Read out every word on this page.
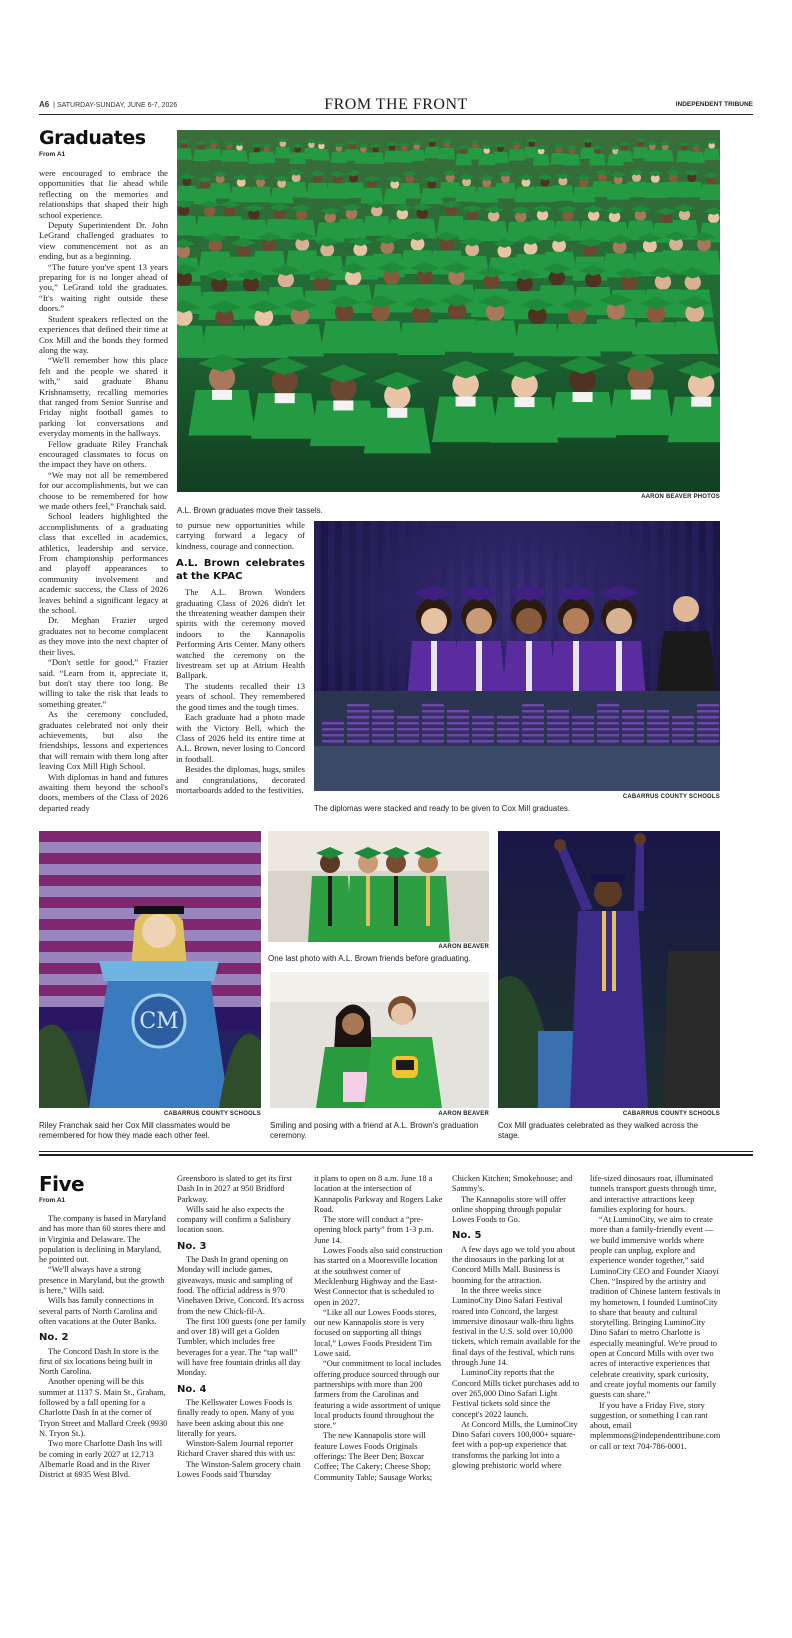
A6 | SATURDAY-SUNDAY, JUNE 6-7, 2026	FROM THE FRONT	INDEPENDENT TRIBUNE
Graduates
From A1

were encouraged to embrace the opportunities that lie ahead while reflecting on the memories and relationships that shaped their high school experience.

Deputy Superintendent Dr. John LeGrand challenged graduates to view commencement not as an ending, but as a beginning.

“The future you've spent 13 years preparing for is no longer ahead of you,” LeGrand told the graduates. “It's waiting right outside these doors.”

Student speakers reflected on the experiences that defined their time at Cox Mill and the bonds they formed along the way.

“We'll remember how this place felt and the people we shared it with,” said graduate Bhanu Krishnamsetty, recalling memories that ranged from Senior Sunrise and Friday night football games to parking lot conversations and everyday moments in the hallways.

Fellow graduate Riley Franchak encouraged classmates to focus on the impact they have on others.

“We may not all be remembered for our accomplishments, but we can choose to be remembered for how we made others feel,” Franchak said.

School leaders highlighted the accomplishments of a graduating class that excelled in academics, athletics, leadership and service. From championship performances and playoff appearances to community involvement and academic success, the Class of 2026 leaves behind a significant legacy at the school.

Dr. Meghan Frazier urged graduates not to become complacent as they move into the next chapter of their lives.

“Don't settle for good,” Frazier said. “Learn from it, appreciate it, but don't stay there too long. Be willing to take the risk that leads to something greater.”

As the ceremony concluded, graduates celebrated not only their achievements, but also the friendships, lessons and experiences that will remain with them long after leaving Cox Mill High School.

With diplomas in hand and futures awaiting them beyond the school's doors, members of the Class of 2026 departed ready

AARON BEAVER PHOTOS
A.L. Brown graduates move their tassels.

to pursue new opportunities while carrying forward a legacy of kindness, courage and connection.

A.L. Brown celebrates at the KPAC

The A.L. Brown Wonders graduating Class of 2026 didn't let the threatening weather dampen their spirits with the ceremony moved indoors to the Kannapolis Performing Arts Center. Many others watched the ceremony on the livestream set up at Atrium Health Ballpark.

The students recalled their 13 years of school. They remembered the good times and the tough times.

Each graduate had a photo made with the Victory Bell, which the Class of 2026 held its entire time at A.L. Brown, never losing to Concord in football.

Besides the diplomas, hugs, smiles and congratulations, decorated mortarboards added to the festivities.

CABARRUS COUNTY SCHOOLS
The diplomas were stacked and ready to be given to Cox Mill graduates.
CM
CABARRUS COUNTY SCHOOLS
Riley Franchak said her Cox Mill classmates would be remembered for how they made each other feel.
AARON BEAVER
One last photo with A.L. Brown friends before graduating.
AARON BEAVER
Smiling and posing with a friend at A.L. Brown's graduation ceremony.
CABARRUS COUNTY SCHOOLS
Cox Mill graduates celebrated as they walked across the stage.
Five
From A1

The company is based in Maryland and has more than 60 stores there and in Virginia and Delaware. The population is declining in Maryland, he pointed out.

“We'll always have a strong presence in Maryland, but the growth is here,” Wills said.

Wills has family connections in several parts of North Carolina and often vacations at the Outer Banks.

No. 2

The Concord Dash In store is the first of six locations being built in North Carolina.

Another opening will be this summer at 1137 S. Main St., Graham, followed by a fall opening for a Charlotte Dash In at the corner of Tryon Street and Mallard Creek (9930 N. Tryon St.).

Two more Charlotte Dash Ins will be coming in early 2027 at 12,713 Albemarle Road and in the River District at 6935 West Blvd.

Greensboro is slated to get its first Dash In in 2027 at 950 Bridford Parkway.

Wills said he also expects the company will confirm a Salisbury location soon.

No. 3

The Dash In grand opening on Monday will include games, giveaways, music and sampling of food. The official address is 970 Vinehaven Drive, Concord. It's across from the new Chick-fil-A.

The first 100 guests (one per family and over 18) will get a Golden Tumbler, which includes free beverages for a year. The “tap wall” will have free fountain drinks all day Monday.

No. 4

The Kellswater Lowes Foods is finally ready to open. Many of you have been asking about this one literally for years.

Winston-Salem Journal reporter Richard Craver shared this with us:

The Winston-Salem grocery chain Lowes Foods said Thursday

it plans to open on 8 a.m. June 18 a location at the intersection of Kannapolis Parkway and Rogers Lake Road.

The store will conduct a “pre-opening block party” from 1-3 p.m. June 14.

Lowes Foods also said construction has started on a Mooresville location at the southwest corner of Mecklenburg Highway and the East-West Connector that is scheduled to open in 2027.

“Like all our Lowes Foods stores, our new Kannapolis store is very focused on supporting all things local,” Lowes Foods President Tim Lowe said.

“Our commitment to local includes offering produce sourced through our partnerships with more than 200 farmers from the Carolinas and featuring a wide assortment of unique local products found throughout the store.”

The new Kannapolis store will feature Lowes Foods Originals offerings: The Beer Den; Boxcar Coffee; The Cakery; Cheese Shop; Community Table; Sausage Works;

Chicken Kitchen; Smokehouse; and Sammy's.

The Kannapolis store will offer online shopping through popular Lowes Foods to Go.

No. 5

A few days ago we told you about the dinosaurs in the parking lot at Concord Mills Mall. Business is booming for the attraction.

In the three weeks since LuminoCity Dino Safari Festival roared into Concord, the largest immersive dinosaur walk-thru lights festival in the U.S. sold over 10,000 tickets, which remain available for the final days of the festival, which runs through June 14.

LuminoCity reports that the Concord Mills ticket purchases add to over 265,000 Dino Safari Light Festival tickets sold since the concept's 2022 launch.

At Concord Mills, the LuminoCity Dino Safari covers 100,000+ square-feet with a pop-up experience that transforms the parking lot into a glowing prehistoric world where

life-sized dinosaurs roar, illuminated tunnels transport guests through time, and interactive attractions keep families exploring for hours.

“At LuminoCity, we aim to create more than a family-friendly event — we build immersive worlds where people can unplug, explore and experience wonder together,” said LuminoCity CEO and Founder Xiaoyi Chen. “Inspired by the artistry and tradition of Chinese lantern festivals in my hometown, I founded LuminoCity to share that beauty and cultural storytelling. Bringing LuminoCity Dino Safari to metro Charlotte is especially meaningful. We're proud to open at Concord Mills with over two acres of interactive experiences that celebrate creativity, spark curiosity, and create joyful moments our family guests can share.”

If you have a Friday Five, story suggestion, or something I can rant about, email mplemmons@independenttribune.com or call or text 704-786-0001.
